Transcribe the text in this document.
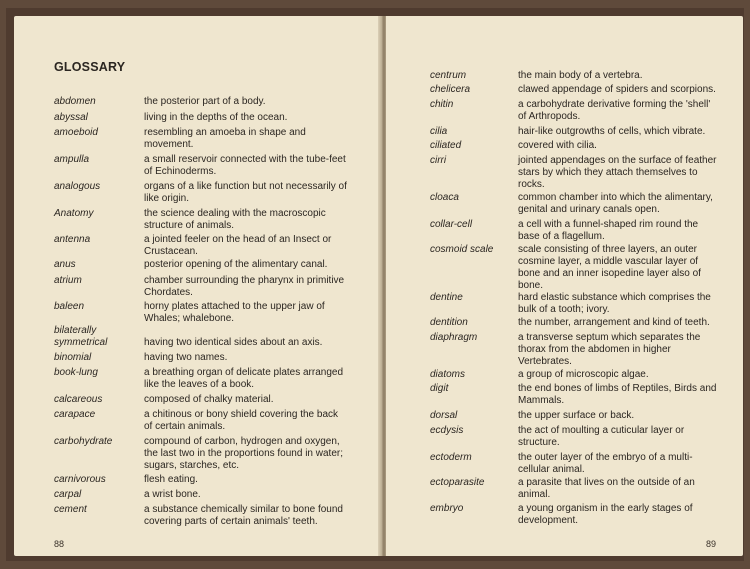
GLOSSARY
abdomen	the posterior part of a body.
abyssal	living in the depths of the ocean.
amoeboid	resembling an amoeba in shape and movement.
ampulla	a small reservoir connected with the tube-feet of Echinoderms.
analogous	organs of a like function but not necessarily of like origin.
Anatomy	the science dealing with the macroscopic structure of animals.
antenna	a jointed feeler on the head of an Insect or Crustacean.
anus	posterior opening of the alimentary canal.
atrium	chamber surrounding the pharynx in primitive Chordates.
baleen	horny plates attached to the upper jaw of Whales; whalebone.
bilaterally symmetrical	having two identical sides about an axis.
binomial	having two names.
book-lung	a breathing organ of delicate plates arranged like the leaves of a book.
calcareous	composed of chalky material.
carapace	a chitinous or bony shield covering the back of certain animals.
carbohydrate	compound of carbon, hydrogen and oxygen, the last two in the proportions found in water; sugars, starches, etc.
carnivorous	flesh eating.
carpal	a wrist bone.
cement	a substance chemically similar to bone found covering parts of certain animals' teeth.
88
centrum	the main body of a vertebra.
chelicera	clawed appendage of spiders and scorpions.
chitin	a carbohydrate derivative forming the 'shell' of Arthropods.
cilia	hair-like outgrowths of cells, which vibrate.
ciliated	covered with cilia.
cirri	jointed appendages on the surface of feather stars by which they attach themselves to rocks.
cloaca	common chamber into which the alimentary, genital and urinary canals open.
collar-cell	a cell with a funnel-shaped rim round the base of a flagellum.
cosmoid scale	scale consisting of three layers, an outer cosmine layer, a middle vascular layer of bone and an inner isopedine layer also of bone.
dentine	hard elastic substance which comprises the bulk of a tooth; ivory.
dentition	the number, arrangement and kind of teeth.
diaphragm	a transverse septum which separates the thorax from the abdomen in higher Vertebrates.
diatoms	a group of microscopic algae.
digit	the end bones of limbs of Reptiles, Birds and Mammals.
dorsal	the upper surface or back.
ecdysis	the act of moulting a cuticular layer or structure.
ectoderm	the outer layer of the embryo of a multi-cellular animal.
ectoparasite	a parasite that lives on the outside of an animal.
embryo	a young organism in the early stages of development.
89
